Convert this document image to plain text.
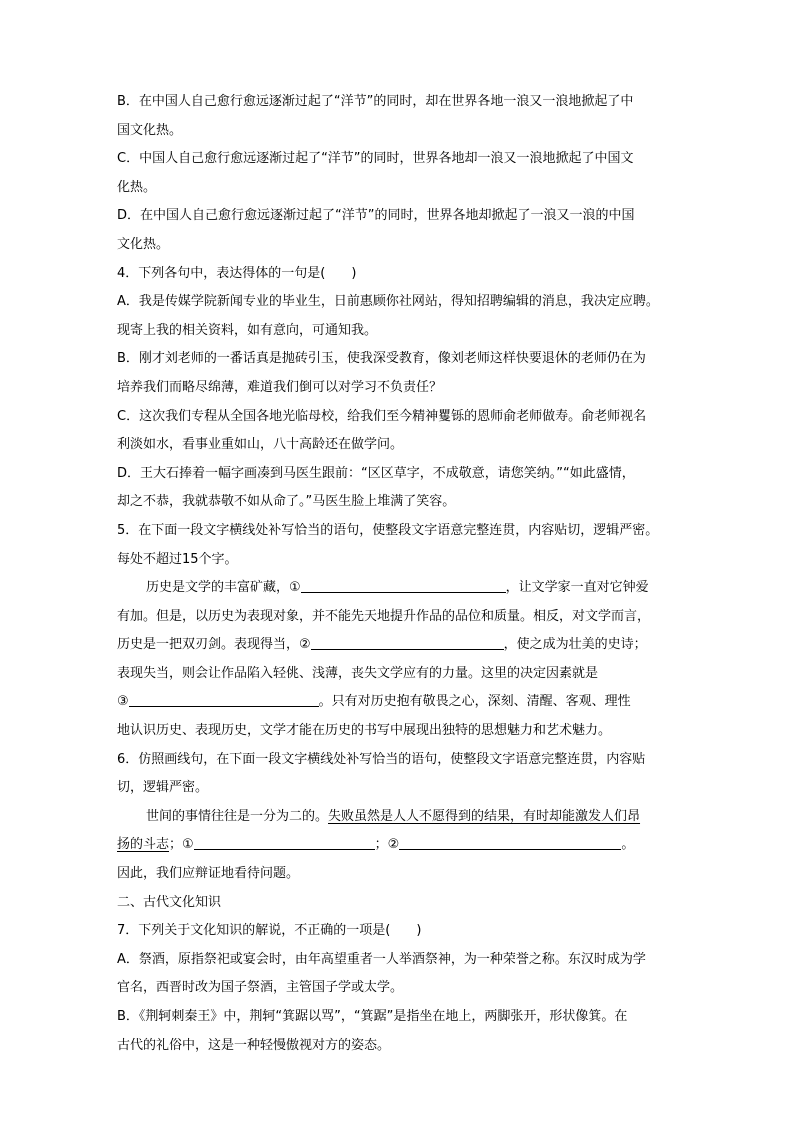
B．在中国人自己愈行愈远逐渐过起了“洋节”的同时，却在世界各地一浪又一浪地掀起了中
国文化热。
C．中国人自己愈行愈远逐渐过起了“洋节”的同时，世界各地却一浪又一浪地掀起了中国文
化热。
D．在中国人自己愈行愈远逐渐过起了“洋节”的同时，世界各地却掀起了一浪又一浪的中国
文化热。
4．下列各句中，表达得体的一句是(　　)
A．我是传媒学院新闻专业的毕业生，日前惠顾你社网站，得知招聘编辑的消息，我决定应聘。
现寄上我的相关资料，如有意向，可通知我。
B．刚才刘老师的一番话真是抛砖引玉，使我深受教育，像刘老师这样快要退休的老师仍在为
培养我们而略尽绵薄，难道我们倒可以对学习不负责任？
C．这次我们专程从全国各地光临母校，给我们至今精神矍铄的恩师俞老师做寿。俞老师视名
利淡如水，看事业重如山，八十高龄还在做学问。
D．王大石捧着一幅字画凑到马医生跟前：“区区草字，不成敬意，请您笑纳。”“如此盛情，
却之不恭，我就恭敬不如从命了。”马医生脸上堆满了笑容。
5．在下面一段文字横线处补写恰当的语句，使整段文字语意完整连贯，内容贴切，逻辑严密。
每处不超过15个字。
历史是文学的丰富矿藏，①	，让文学家一直对它钟爱
有加。但是，以历史为表现对象，并不能先天地提升作品的品位和质量。相反，对文学而言，
历史是一把双刃剑。表现得当，②	，使之成为壮美的史诗；
表现失当，则会让作品陷入轻佻、浅薄，丧失文学应有的力量。这里的决定因素就是
③	。只有对历史抱有敬畏之心，深刻、清醒、客观、理性
地认识历史、表现历史，文学才能在历史的书写中展现出独特的思想魅力和艺术魅力。
6．仿照画线句，在下面一段文字横线处补写恰当的语句，使整段文字语意完整连贯，内容贴
切，逻辑严密。
世间的事情往往是一分为二的。失败虽然是人人不愿得到的结果，有时却能激发人们昂
扬的斗志；①	；②	。
因此，我们应辩证地看待问题。
二、古代文化知识
7．下列关于文化知识的解说，不正确的一项是(　　)
A．祭酒，原指祭祀或宴会时，由年高望重者一人举酒祭神，为一种荣誉之称。东汉时成为学
官名，西晋时改为国子祭酒，主管国子学或太学。
B．《荆轲刺秦王》中，荆轲“箕踞以骂”，“箕踞”是指坐在地上，两脚张开，形状像箕。在
古代的礼俗中，这是一种轻慢傲视对方的姿态。
